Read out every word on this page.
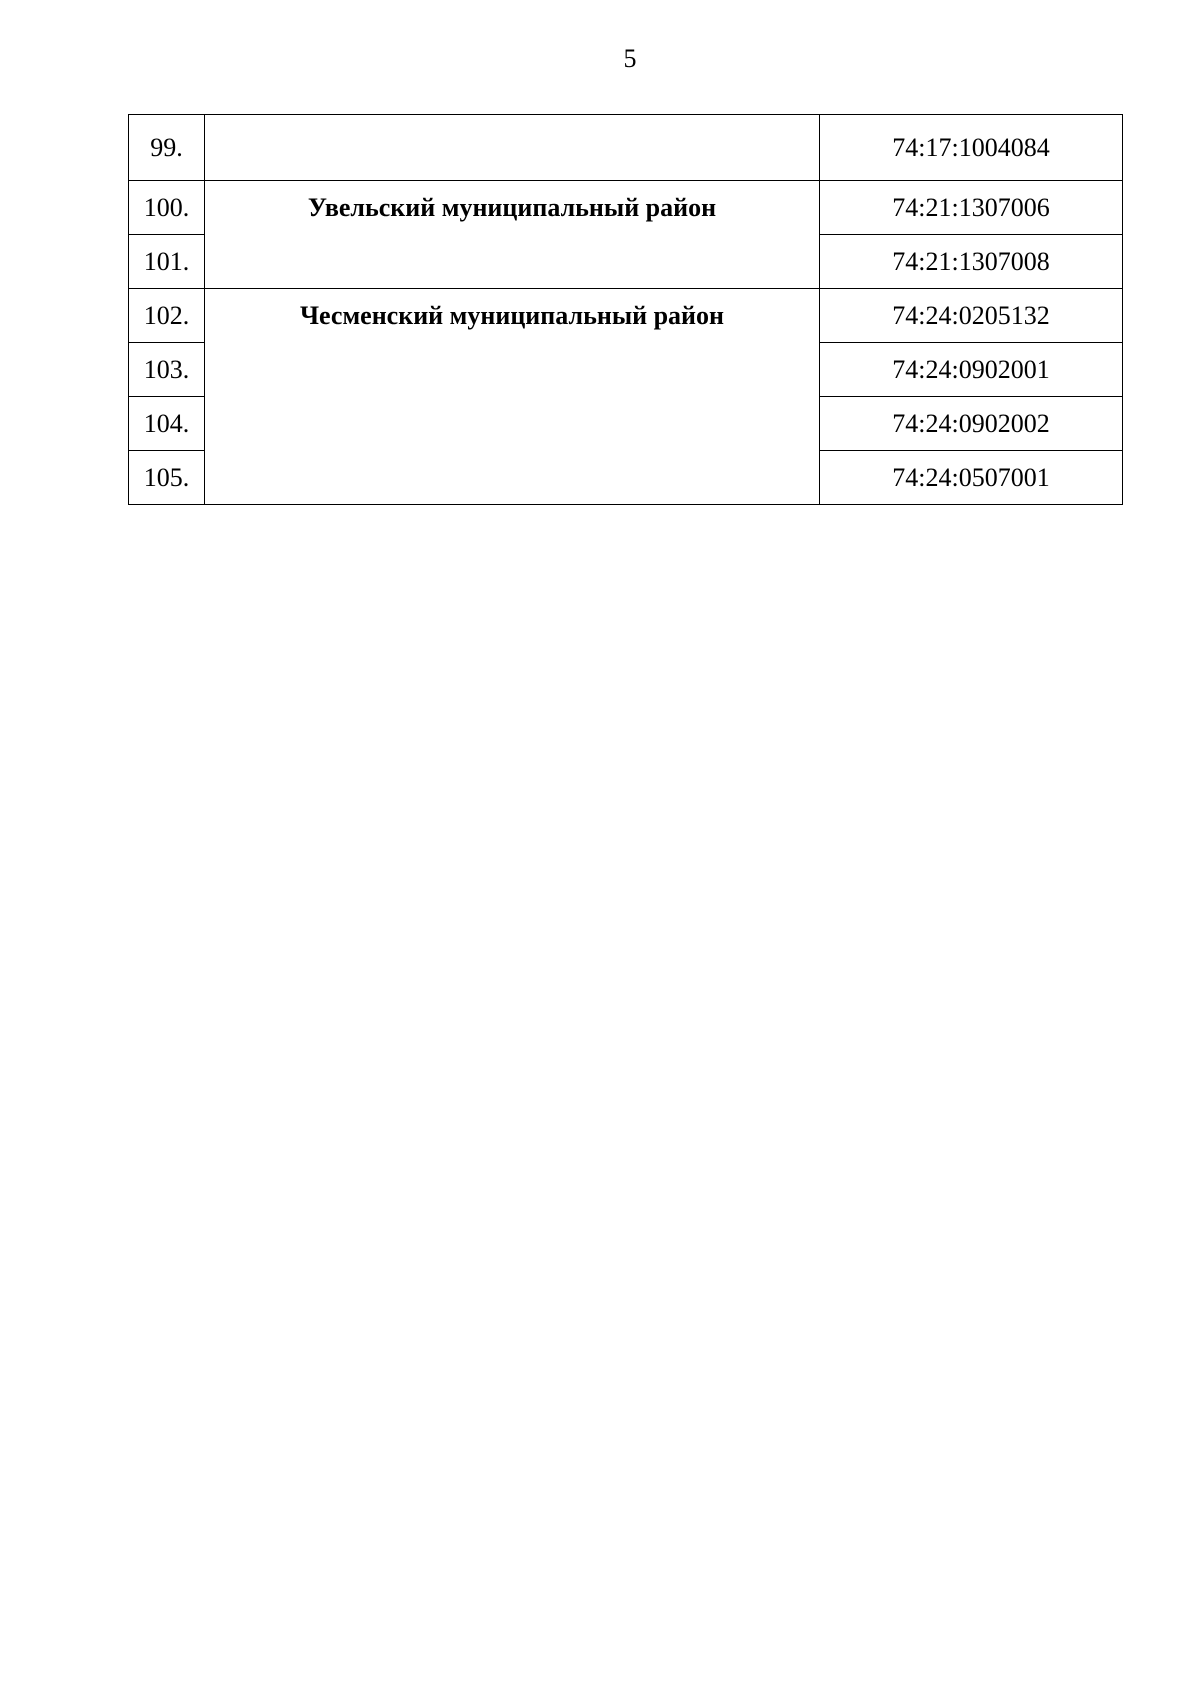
5
99.		74:17:1004084
100.	Увельский муниципальный район	74:21:1307006
101.		74:21:1307008
102.	Чесменский муниципальный район	74:24:0205132
103.		74:24:0902001
104.		74:24:0902002
105.		74:24:0507001
